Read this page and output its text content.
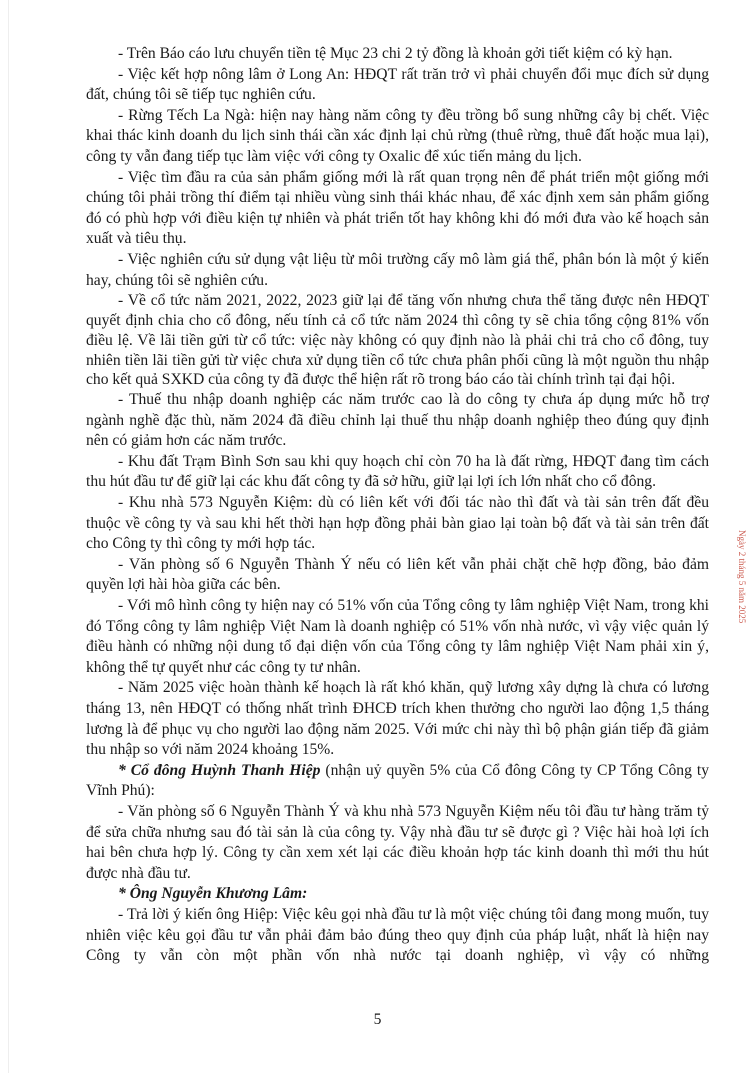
- Trên Báo cáo lưu chuyển tiền tệ Mục 23 chi 2 tỷ đồng là khoản gởi tiết kiệm có kỳ hạn.

- Việc kết hợp nông lâm ở Long An: HĐQT rất trăn trở vì phải chuyển đổi mục đích sử dụng đất, chúng tôi sẽ tiếp tục nghiên cứu.

- Rừng Tếch La Ngà: hiện nay hàng năm công ty đều trồng bổ sung những cây bị chết. Việc khai thác kinh doanh du lịch sinh thái cần xác định lại chủ rừng (thuê rừng, thuê đất hoặc mua lại), công ty vẫn đang tiếp tục làm việc với công ty Oxalic để xúc tiến mảng du lịch.

- Việc tìm đầu ra của sản phẩm giống mới là rất quan trọng nên để phát triển một giống mới chúng tôi phải trồng thí điểm tại nhiều vùng sinh thái khác nhau, để xác định xem sản phẩm giống đó có phù hợp với điều kiện tự nhiên và phát triển tốt hay không khi đó mới đưa vào kế hoạch sản xuất và tiêu thụ.

- Việc nghiên cứu sử dụng vật liệu từ môi trường cấy mô làm giá thể, phân bón là một ý kiến hay, chúng tôi sẽ nghiên cứu.

- Về cổ tức năm 2021, 2022, 2023 giữ lại để tăng vốn nhưng chưa thể tăng được nên HĐQT quyết định chia cho cổ đông, nếu tính cả cổ tức năm 2024 thì công ty sẽ chia tổng cộng 81% vốn điều lệ. Về lãi tiền gửi từ cổ tức: việc này không có quy định nào là phải chi trả cho cổ đông, tuy nhiên tiền lãi tiền gửi từ việc chưa xử dụng tiền cổ tức chưa phân phối cũng là một nguồn thu nhập cho kết quả SXKD của công ty đã được thể hiện rất rõ trong báo cáo tài chính trình tại đại hội.

- Thuế thu nhập doanh nghiệp các năm trước cao là do công ty chưa áp dụng mức hỗ trợ ngành nghề đặc thù, năm 2024 đã điều chỉnh lại thuế thu nhập doanh nghiệp theo đúng quy định nên có giảm hơn các năm trước.

- Khu đất Trạm Bình Sơn sau khi quy hoạch chỉ còn 70 ha là đất rừng, HĐQT đang tìm cách thu hút đầu tư để giữ lại các khu đất công ty đã sở hữu, giữ lại lợi ích lớn nhất cho cổ đông.

- Khu nhà 573 Nguyễn Kiệm: dù có liên kết với đối tác nào thì đất và tài sản trên đất đều thuộc về công ty và sau khi hết thời hạn hợp đồng phải bàn giao lại toàn bộ đất và tài sản trên đất cho Công ty thì công ty mới hợp tác.

- Văn phòng số 6 Nguyễn Thành Ý nếu có liên kết vẫn phải chặt chẽ hợp đồng, bảo đảm quyền lợi hài hòa giữa các bên.

- Với mô hình công ty hiện nay có 51% vốn của Tổng công ty lâm nghiệp Việt Nam, trong khi đó Tổng công ty lâm nghiệp Việt Nam là doanh nghiệp có 51% vốn nhà nước, vì vậy việc quản lý điều hành có những nội dung tổ đại diện vốn của Tổng công ty lâm nghiệp Việt Nam phải xin ý, không thể tự quyết như các công ty tư nhân.

- Năm 2025 việc hoàn thành kế hoạch là rất khó khăn, quỹ lương xây dựng là chưa có lương tháng 13, nên HĐQT có thống nhất trình ĐHCĐ trích khen thưởng cho người lao động 1,5 tháng lương là để phục vụ cho người lao động năm 2025. Với mức chi này thì bộ phận gián tiếp đã giảm thu nhập so với năm 2024 khoảng 15%.

* Cổ đông Huỳnh Thanh Hiệp (nhận uỷ quyền 5% của Cổ đông Công ty CP Tổng Công ty Vĩnh Phú):

- Văn phòng số 6 Nguyễn Thành Ý và khu nhà 573 Nguyễn Kiệm nếu tôi đầu tư hàng trăm tỷ để sửa chữa nhưng sau đó tài sản là của công ty. Vậy nhà đầu tư sẽ được gì ? Việc hài hoà lợi ích hai bên chưa hợp lý. Công ty cần xem xét lại các điều khoản hợp tác kinh doanh thì mới thu hút được nhà đầu tư.

* Ông Nguyễn Khương Lâm:

- Trả lời ý kiến ông Hiệp: Việc kêu gọi nhà đầu tư là một việc chúng tôi đang mong muốn, tuy nhiên việc kêu gọi đầu tư vẫn phải đảm bảo đúng theo quy định của pháp luật, nhất là hiện nay Công ty vẫn còn một phần vốn nhà nước tại doanh nghiệp, vì vậy có những

5
Ngày 2 tháng 5 năm 2025
